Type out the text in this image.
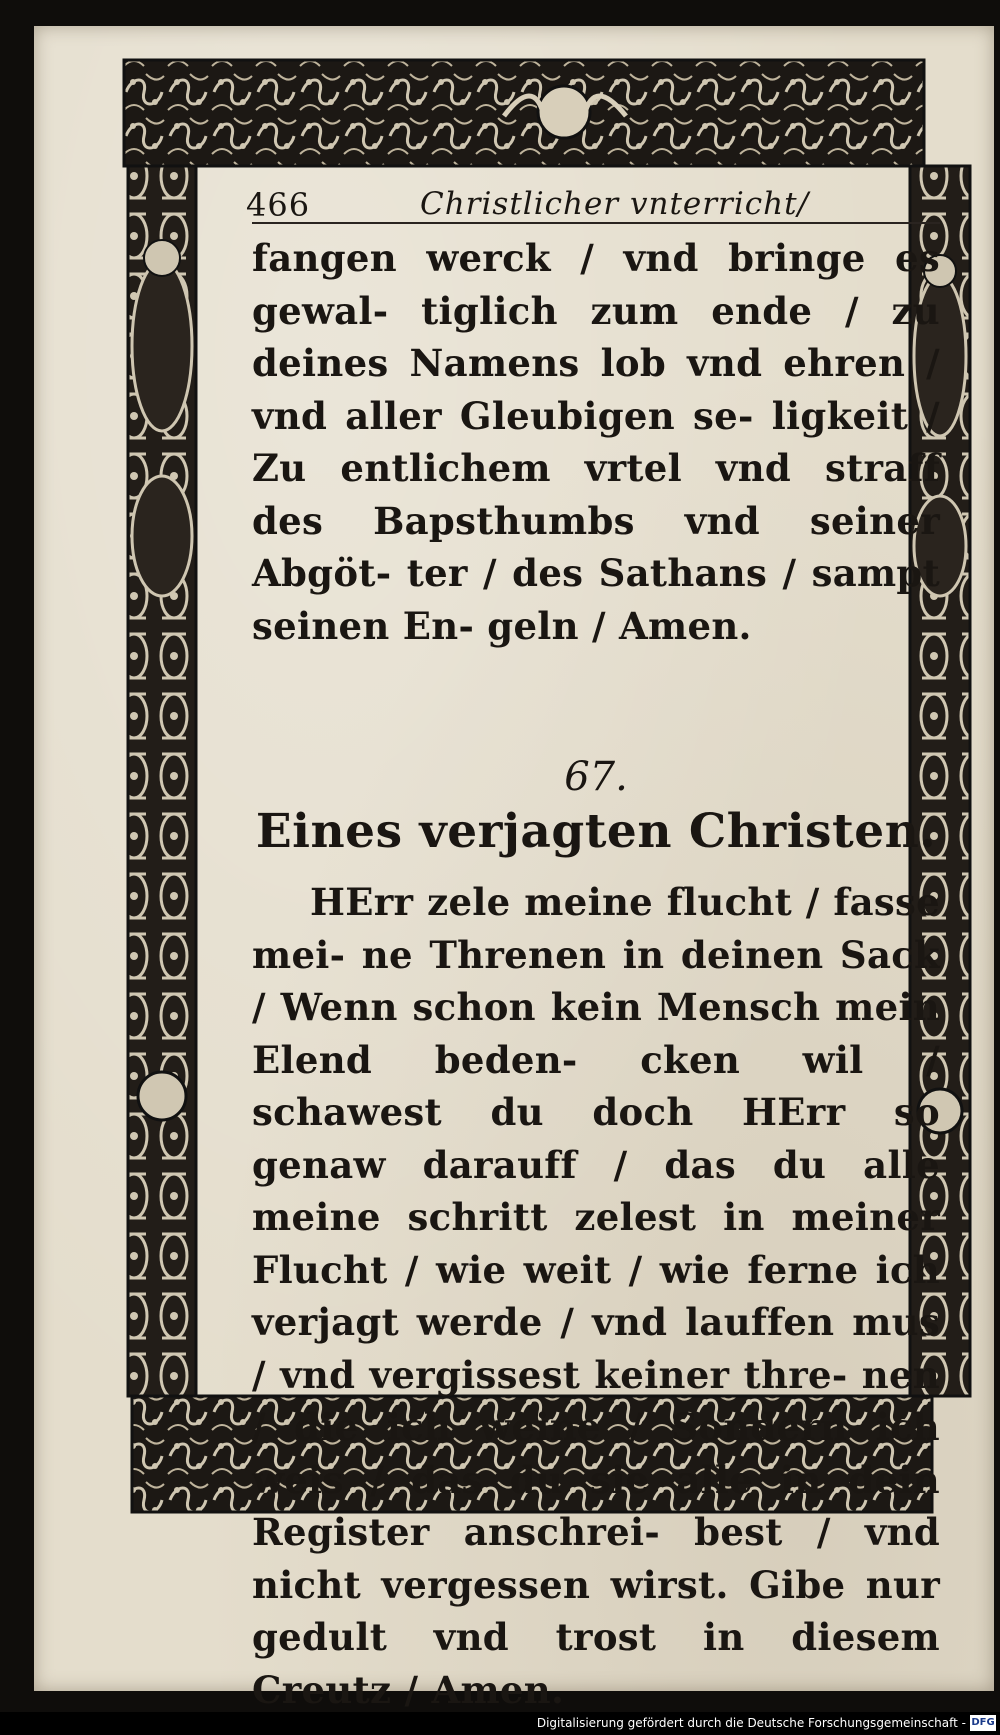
466	Christlicher vnterricht/

fangen werck / vnd bringe es gewal- tiglich zum ende / zu deines Namens lob vnd ehren / vnd aller Gleubigen se- ligkeit / Zu entlichem vrtel vnd straff des Bapsthumbs vnd seiner Abgöt- ter / des Sathans / sampt seinen En- geln / Amen.

67.
Eines verjagten Christen.

HErr zele meine flucht / fasse mei- ne Threnen in deinen Sack / Wenn schon kein Mensch mein Elend beden- cken wil / schawest du doch HErr so genaw darauff / das du alle meine schritt zelest in meiner Flucht / wie weit / wie ferne ich verjagt werde / vnd lauffen mus / vnd vergissest keiner thre- nen / die ich weine / Sondern ich weis / das du sie alle in dein Register anschrei- best / vnd nicht vergessen wirst. Gibe nur gedult vnd trost in diesem Creutz / Amen.

Digitalisierung gefördert durch die Deutsche Forschungsgemeinschaft - DFG
